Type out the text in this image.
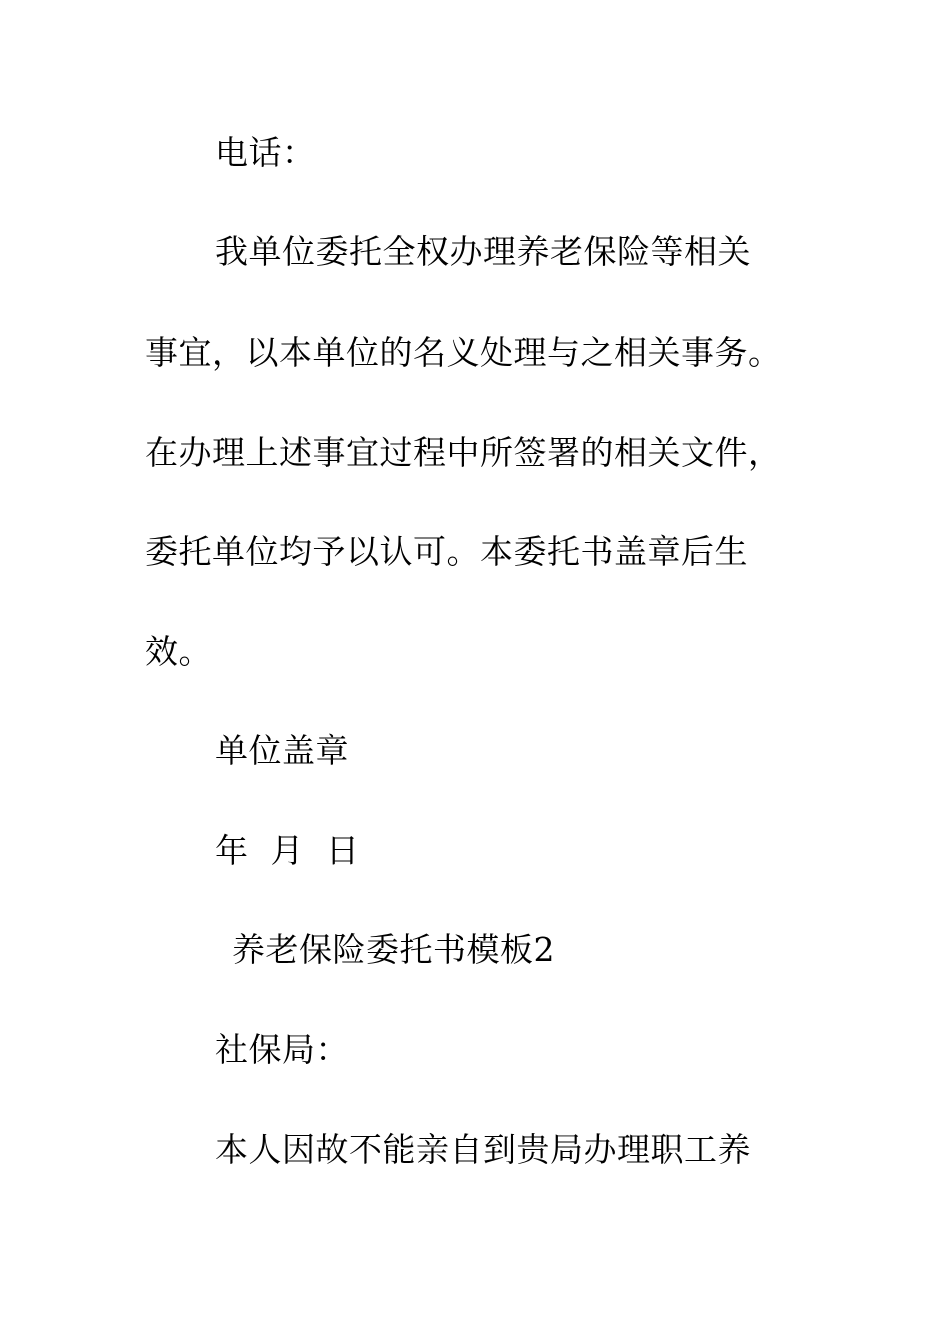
电话：
我单位委托全权办理养老保险等相关
事宜，以本单位的名义处理与之相关事务。
在办理上述事宜过程中所签署的相关文件，
委托单位均予以认可。本委托书盖章后生
效。
单位盖章
年  月  日
养老保险委托书模板2
社保局：
本人因故不能亲自到贵局办理职工养
